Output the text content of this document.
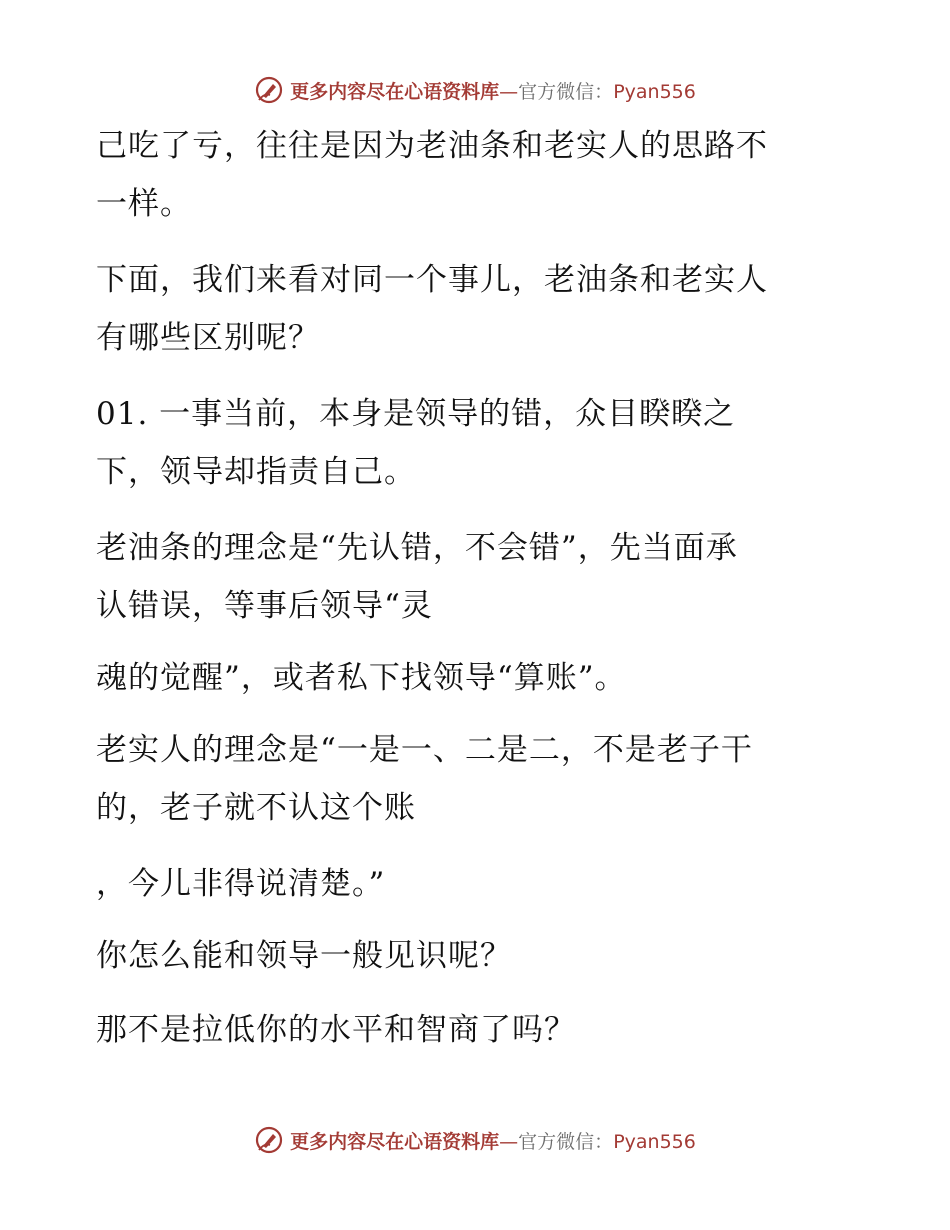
更多内容尽在心语资料库—官方微信：Pyan556
己吃了亏，往往是因为老油条和老实人的思路不
一样。
下面，我们来看对同一个事儿，老油条和老实人
有哪些区别呢？
01. 一事当前，本身是领导的错，众目睽睽之
下，领导却指责自己。
老油条的理念是“先认错，不会错”，先当面承
认错误，等事后领导“灵
魂的觉醒”，或者私下找领导“算账”。
老实人的理念是“一是一、二是二，不是老子干
的，老子就不认这个账
，今儿非得说清楚。”
你怎么能和领导一般见识呢？
那不是拉低你的水平和智商了吗？
更多内容尽在心语资料库—官方微信：Pyan556
